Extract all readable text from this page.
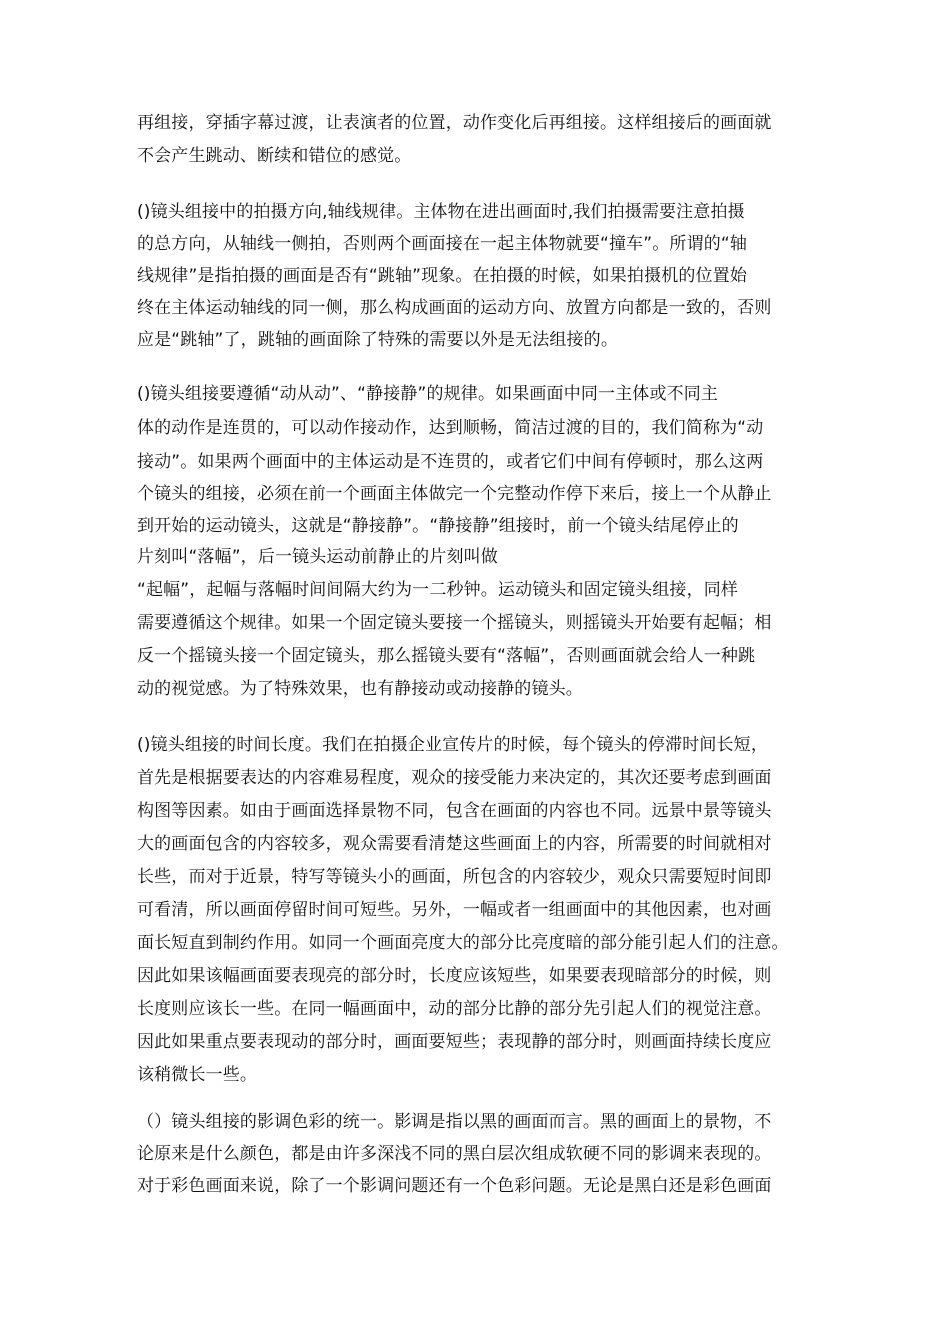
再组接，穿插字幕过渡，让表演者的位置，动作变化后再组接。这样组接后的画面就
不会产生跳动、断续和错位的感觉。
()镜头组接中的拍摄方向,轴线规律。主体物在进出画面时,我们拍摄需要注意拍摄
的总方向，从轴线一侧拍，否则两个画面接在一起主体物就要“撞车”。所谓的“轴
线规律”是指拍摄的画面是否有“跳轴”现象。在拍摄的时候，如果拍摄机的位置始
终在主体运动轴线的同一侧，那么构成画面的运动方向、放置方向都是一致的，否则
应是“跳轴”了，跳轴的画面除了特殊的需要以外是无法组接的。
()镜头组接要遵循“动从动”、“静接静”的规律。如果画面中同一主体或不同主
体的动作是连贯的，可以动作接动作，达到顺畅，简洁过渡的目的，我们简称为“动
接动”。如果两个画面中的主体运动是不连贯的，或者它们中间有停顿时，那么这两
个镜头的组接，必须在前一个画面主体做完一个完整动作停下来后，接上一个从静止
到开始的运动镜头，这就是“静接静”。“静接静”组接时，前一个镜头结尾停止的
片刻叫“落幅”，后一镜头运动前静止的片刻叫做
“起幅”，起幅与落幅时间间隔大约为一二秒钟。运动镜头和固定镜头组接，同样
需要遵循这个规律。如果一个固定镜头要接一个摇镜头，则摇镜头开始要有起幅；相
反一个摇镜头接一个固定镜头，那么摇镜头要有“落幅”，否则画面就会给人一种跳
动的视觉感。为了特殊效果，也有静接动或动接静的镜头。
()镜头组接的时间长度。我们在拍摄企业宣传片的时候，每个镜头的停滞时间长短，
首先是根据要表达的内容难易程度，观众的接受能力来决定的，其次还要考虑到画面
构图等因素。如由于画面选择景物不同，包含在画面的内容也不同。远景中景等镜头
大的画面包含的内容较多，观众需要看清楚这些画面上的内容，所需要的时间就相对
长些，而对于近景，特写等镜头小的画面，所包含的内容较少，观众只需要短时间即
可看清，所以画面停留时间可短些。另外，一幅或者一组画面中的其他因素，也对画
面长短直到制约作用。如同一个画面亮度大的部分比亮度暗的部分能引起人们的注意。
因此如果该幅画面要表现亮的部分时，长度应该短些，如果要表现暗部分的时候，则
长度则应该长一些。在同一幅画面中，动的部分比静的部分先引起人们的视觉注意。
因此如果重点要表现动的部分时，画面要短些；表现静的部分时，则画面持续长度应
该稍微长一些。
（）镜头组接的影调色彩的统一。影调是指以黑的画面而言。黑的画面上的景物，不
论原来是什么颜色，都是由许多深浅不同的黑白层次组成软硬不同的影调来表现的。
对于彩色画面来说，除了一个影调问题还有一个色彩问题。无论是黑白还是彩色画面
